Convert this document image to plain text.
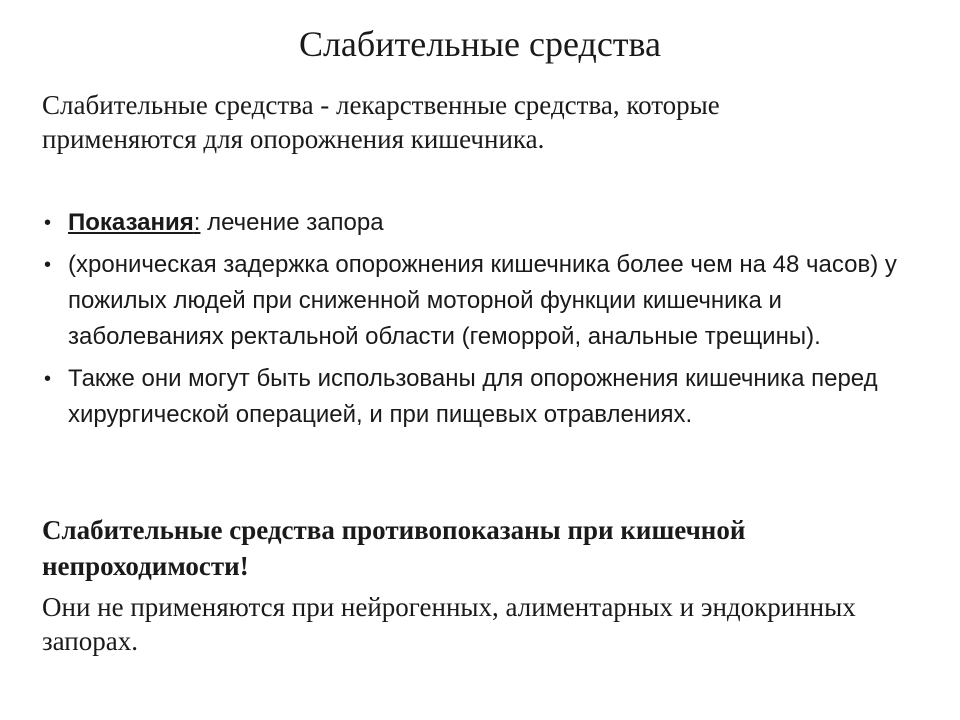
Слабительные средства
Слабительные средства - лекарственные средства, которые применяются для опорожнения кишечника.
• Показания: лечение запора
• (хроническая задержка опорожнения кишечника более чем на 48 часов) у пожилых людей при сниженной моторной функции кишечника и заболеваниях ректальной области (геморрой, анальные трещины).
• Также они могут быть использованы для опорожнения кишечника перед хирургической операцией, и при пищевых отравлениях.
Слабительные средства противопоказаны при кишечной непроходимости!
Они не применяются при нейрогенных, алиментарных и эндокринных запорах.
